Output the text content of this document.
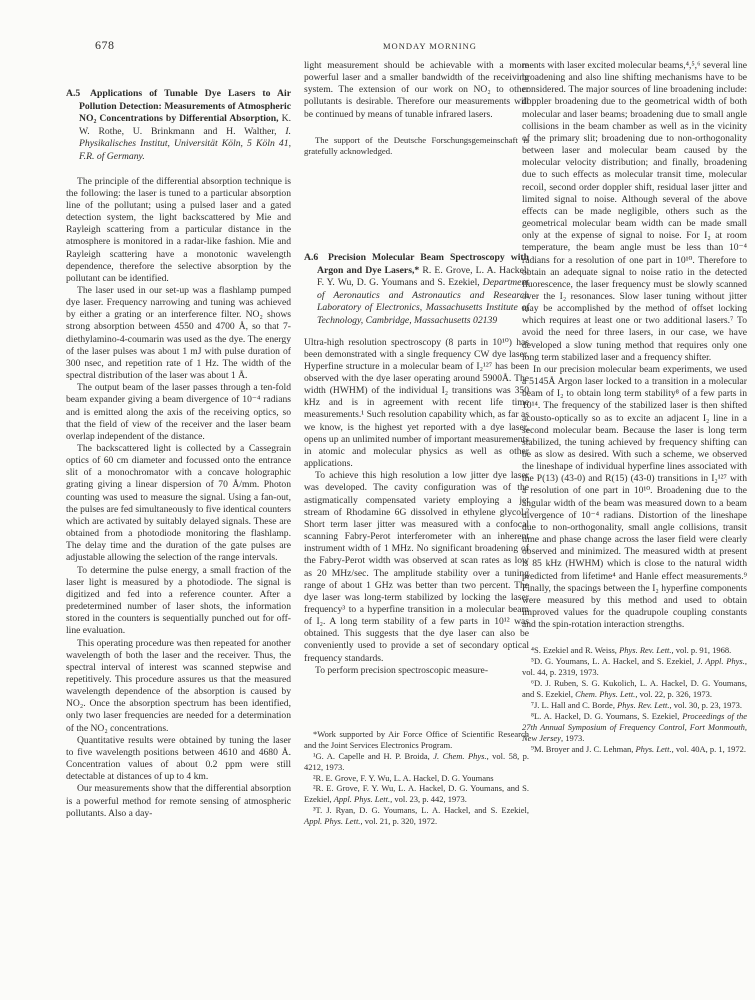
678	MONDAY MORNING

A.5  Applications of Tunable Dye Lasers to Air Pollution Detection: Measurements of Atmospheric NO₂ Concentrations by Differential Absorption, K. W. Rothe, U. Brinkmann and H. Walther, I. Physikalisches Institut, Universität Köln, 5 Köln 41, F.R. of Germany.

The principle of the differential absorption technique is the following: the laser is tuned to a particular absorption line of the pollutant; using a pulsed laser and a gated detection system, the light backscattered by Mie and Rayleigh scattering from a particular distance in the atmosphere is monitored in a radar-like fashion. Mie and Rayleigh scattering have a monotonic wavelength dependence, therefore the selective absorption by the pollutant can be identified.

The laser used in our set-up was a flashlamp pumped dye laser. Frequency narrowing and tuning was achieved by either a grating or an interference filter. NO₂ shows strong absorption between 4550 and 4700 Å, so that 7-diethylamino-4-coumarin was used as the dye. The energy of the laser pulses was about 1 mJ with pulse duration of 300 nsec, and repetition rate of 1 Hz. The width of the spectral distribution of the laser was about 1 Å.

The output beam of the laser passes through a ten-fold beam expander giving a beam divergence of 10⁻⁴ radians and is emitted along the axis of the receiving optics, so that the field of view of the receiver and the laser beam overlap independent of the distance.

The backscattered light is collected by a Cassegrain optics of 60 cm diameter and focussed onto the entrance slit of a monochromator with a concave holographic grating giving a linear dispersion of 70 Å/mm. Photon counting was used to measure the signal. Using a fan-out, the pulses are fed simultaneously to five identical counters which are activated by suitably delayed signals. These are obtained from a photodiode monitoring the flashlamp. The delay time and the duration of the gate pulses are adjustable allowing the selection of the range intervals.

To determine the pulse energy, a small fraction of the laser light is measured by a photodiode. The signal is digitized and fed into a reference counter. After a predetermined number of laser shots, the information stored in the counters is sequentially punched out for off-line evaluation.

This operating procedure was then repeated for another wavelength of both the laser and the receiver. Thus, the spectral interval of interest was scanned stepwise and repetitively. This procedure assures us that the measured wavelength dependence of the absorption is caused by NO₂. Once the absorption spectrum has been identified, only two laser frequencies are needed for a determination of the NO₂ concentrations.

Quantitative results were obtained by tuning the laser to five wavelength positions between 4610 and 4680 Å. Concentration values of about 0.2 ppm were still detectable at distances of up to 4 km.

Our measurements show that the differential absorption is a powerful method for remote sensing of atmospheric pollutants. Also a day-

light measurement should be achievable with a more powerful laser and a smaller bandwidth of the receiving system. The extension of our work on NO₂ to other pollutants is desirable. Therefore our measurements will be continued by means of tunable infrared lasers.

The support of the Deutsche Forschungsgemeinschaft is gratefully acknowledged.

A.6  Precision Molecular Beam Spectroscopy with Argon and Dye Lasers,* R. E. Grove, L. A. Hackel, F. Y. Wu, D. G. Youmans and S. Ezekiel, Department of Aeronautics and Astronautics and Research Laboratory of Electronics, Massachusetts Institute of Technology, Cambridge, Massachusetts 02139

Ultra-high resolution spectroscopy (8 parts in 10¹⁰) has been demonstrated with a single frequency CW dye laser. Hyperfine structure in a molecular beam of I₂¹²⁷ has been observed with the dye laser operating around 5900Å. The width (HWHM) of the individual I₂ transitions was 350 kHz and is in agreement with recent life time measurements.¹ Such resolution capability which, as far as we know, is the highest yet reported with a dye laser, opens up an unlimited number of important measurements in atomic and molecular physics as well as other applications.

To achieve this high resolution a low jitter dye laser was developed. The cavity configuration was of the astigmatically compensated variety employing a jet stream of Rhodamine 6G dissolved in ethylene glycol.² Short term laser jitter was measured with a confocal scanning Fabry-Perot interferometer with an inherent instrument width of 1 MHz. No significant broadening of the Fabry-Perot width was observed at scan rates as low as 20 MHz/sec. The amplitude stability over a tuning range of about 1 GHz was better than two percent. The dye laser was long-term stabilized by locking the laser frequency³ to a hyperfine transition in a molecular beam of I₂. A long term stability of a few parts in 10¹² was obtained. This suggests that the dye laser can also be conveniently used to provide a set of secondary optical frequency standards.

To perform precision spectroscopic measure-

*Work supported by Air Force Office of Scientific Research and the Joint Services Electronics Program.

¹G. A. Capelle and H. P. Broida, J. Chem. Phys., vol. 58, p. 4212, 1973.

²R. E. Grove, F. Y. Wu, L. A. Hackel, D. G. Youmans

²R. E. Grove, F. Y. Wu, L. A. Hackel, D. G. Youmans, and S. Ezekiel, Appl. Phys. Lett., vol. 23, p. 442, 1973.

³T. J. Ryan, D. G. Youmans, L. A. Hackel, and S. Ezekiel, Appl. Phys. Lett., vol. 21, p. 320, 1972.

ments with laser excited molecular beams,⁴,⁵,⁶ several line broadening and also line shifting mechanisms have to be considered. The major sources of line broadening include: doppler broadening due to the geometrical width of both molecular and laser beams; broadening due to small angle collisions in the beam chamber as well as in the vicinity of the primary slit; broadening due to non-orthogonality between laser and molecular beam caused by the molecular velocity distribution; and finally, broadening due to such effects as molecular transit time, molecular recoil, second order doppler shift, residual laser jitter and limited signal to noise. Although several of the above effects can be made negligible, others such as the geometrical molecular beam width can be made small only at the expense of signal to noise. For I₂ at room temperature, the beam angle must be less than 10⁻⁴ radians for a resolution of one part in 10¹⁰. Therefore to obtain an adequate signal to noise ratio in the detected fluorescence, the laser frequency must be slowly scanned over the I₂ resonances. Slow laser tuning without jitter may be accomplished by the method of offset locking which requires at least one or two additional lasers.⁷ To avoid the need for three lasers, in our case, we have developed a slow tuning method that requires only one long term stabilized laser and a frequency shifter.

In our precision molecular beam experiments, we used a 5145Å Argon laser locked to a transition in a molecular beam of I₂ to obtain long term stability⁸ of a few parts in 10¹⁴. The frequency of the stabilized laser is then shifted acousto-optically so as to excite an adjacent I₂ line in a second molecular beam. Because the laser is long term stabilized, the tuning achieved by frequency shifting can be as slow as desired. With such a scheme, we observed the lineshape of individual hyperfine lines associated with the P(13) (43-0) and R(15) (43-0) transitions in I₂¹²⁷ with a resolution of one part in 10¹⁰. Broadening due to the angular width of the beam was measured down to a beam divergence of 10⁻⁴ radians. Distortion of the lineshape due to non-orthogonality, small angle collisions, transit time and phase change across the laser field were clearly observed and minimized. The measured width at present is 85 kHz (HWHM) which is close to the natural width predicted from lifetime⁴ and Hanle effect measurements.⁹ Finally, the spacings between the I₂ hyperfine components were measured by this method and used to obtain improved values for the quadrupole coupling constants and the spin-rotation interaction strengths.

⁴S. Ezekiel and R. Weiss, Phys. Rev. Lett., vol. p. 91, 1968.

⁵D. G. Youmans, L. A. Hackel, and S. Ezekiel, J. Appl. Phys., vol. 44, p. 2319, 1973.

⁶D. J. Ruben, S. G. Kukolich, L. A. Hackel, D. G. Youmans, and S. Ezekiel, Chem. Phys. Lett., vol. 22, p. 326, 1973.

⁷J. L. Hall and C. Borde, Phys. Rev. Lett., vol. 30, p. 23, 1973.

⁸L. A. Hackel, D. G. Youmans, S. Ezekiel, Proceedings of the 27th Annual Symposium of Frequency Control, Fort Monmouth, New Jersey, 1973.

⁹M. Broyer and J. C. Lehman, Phys. Lett., vol. 40A, p. 1, 1972.
